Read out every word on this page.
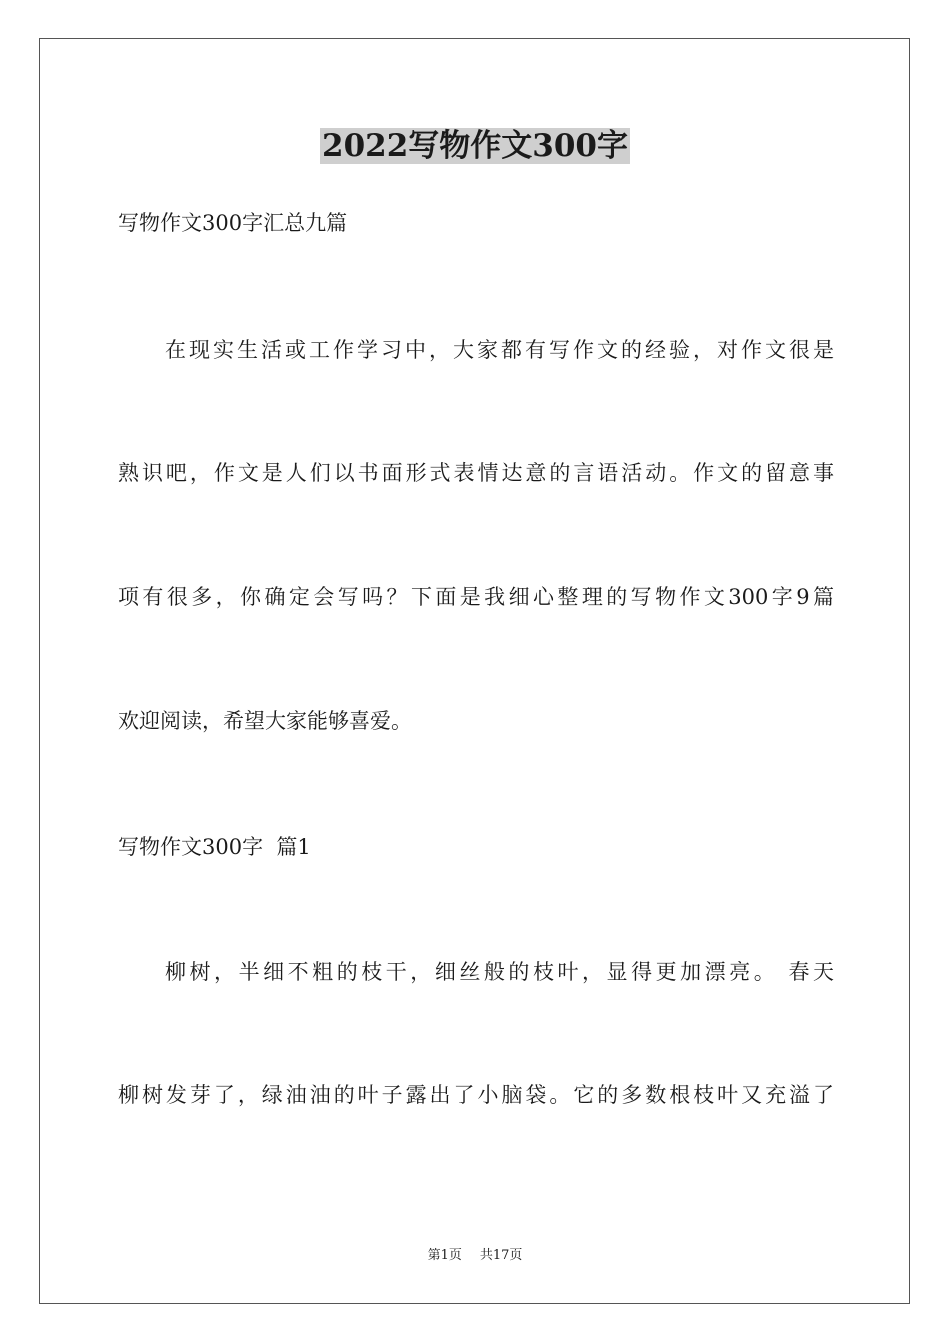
2022写物作文300字

写物作文300字汇总九篇

在现实生活或工作学习中，大家都有写作文的经验，对作文很是

熟识吧，作文是人们以书面形式表情达意的言语活动。作文的留意事

项有很多，你确定会写吗？下面是我细心整理的写物作文300字9篇

欢迎阅读，希望大家能够喜爱。

写物作文300字  篇1

柳树，半细不粗的枝干，细丝般的枝叶，显得更加漂亮。 春天

柳树发芽了，绿油油的叶子露出了小脑袋。它的多数根枝叶又充溢了

第1页 共17页
